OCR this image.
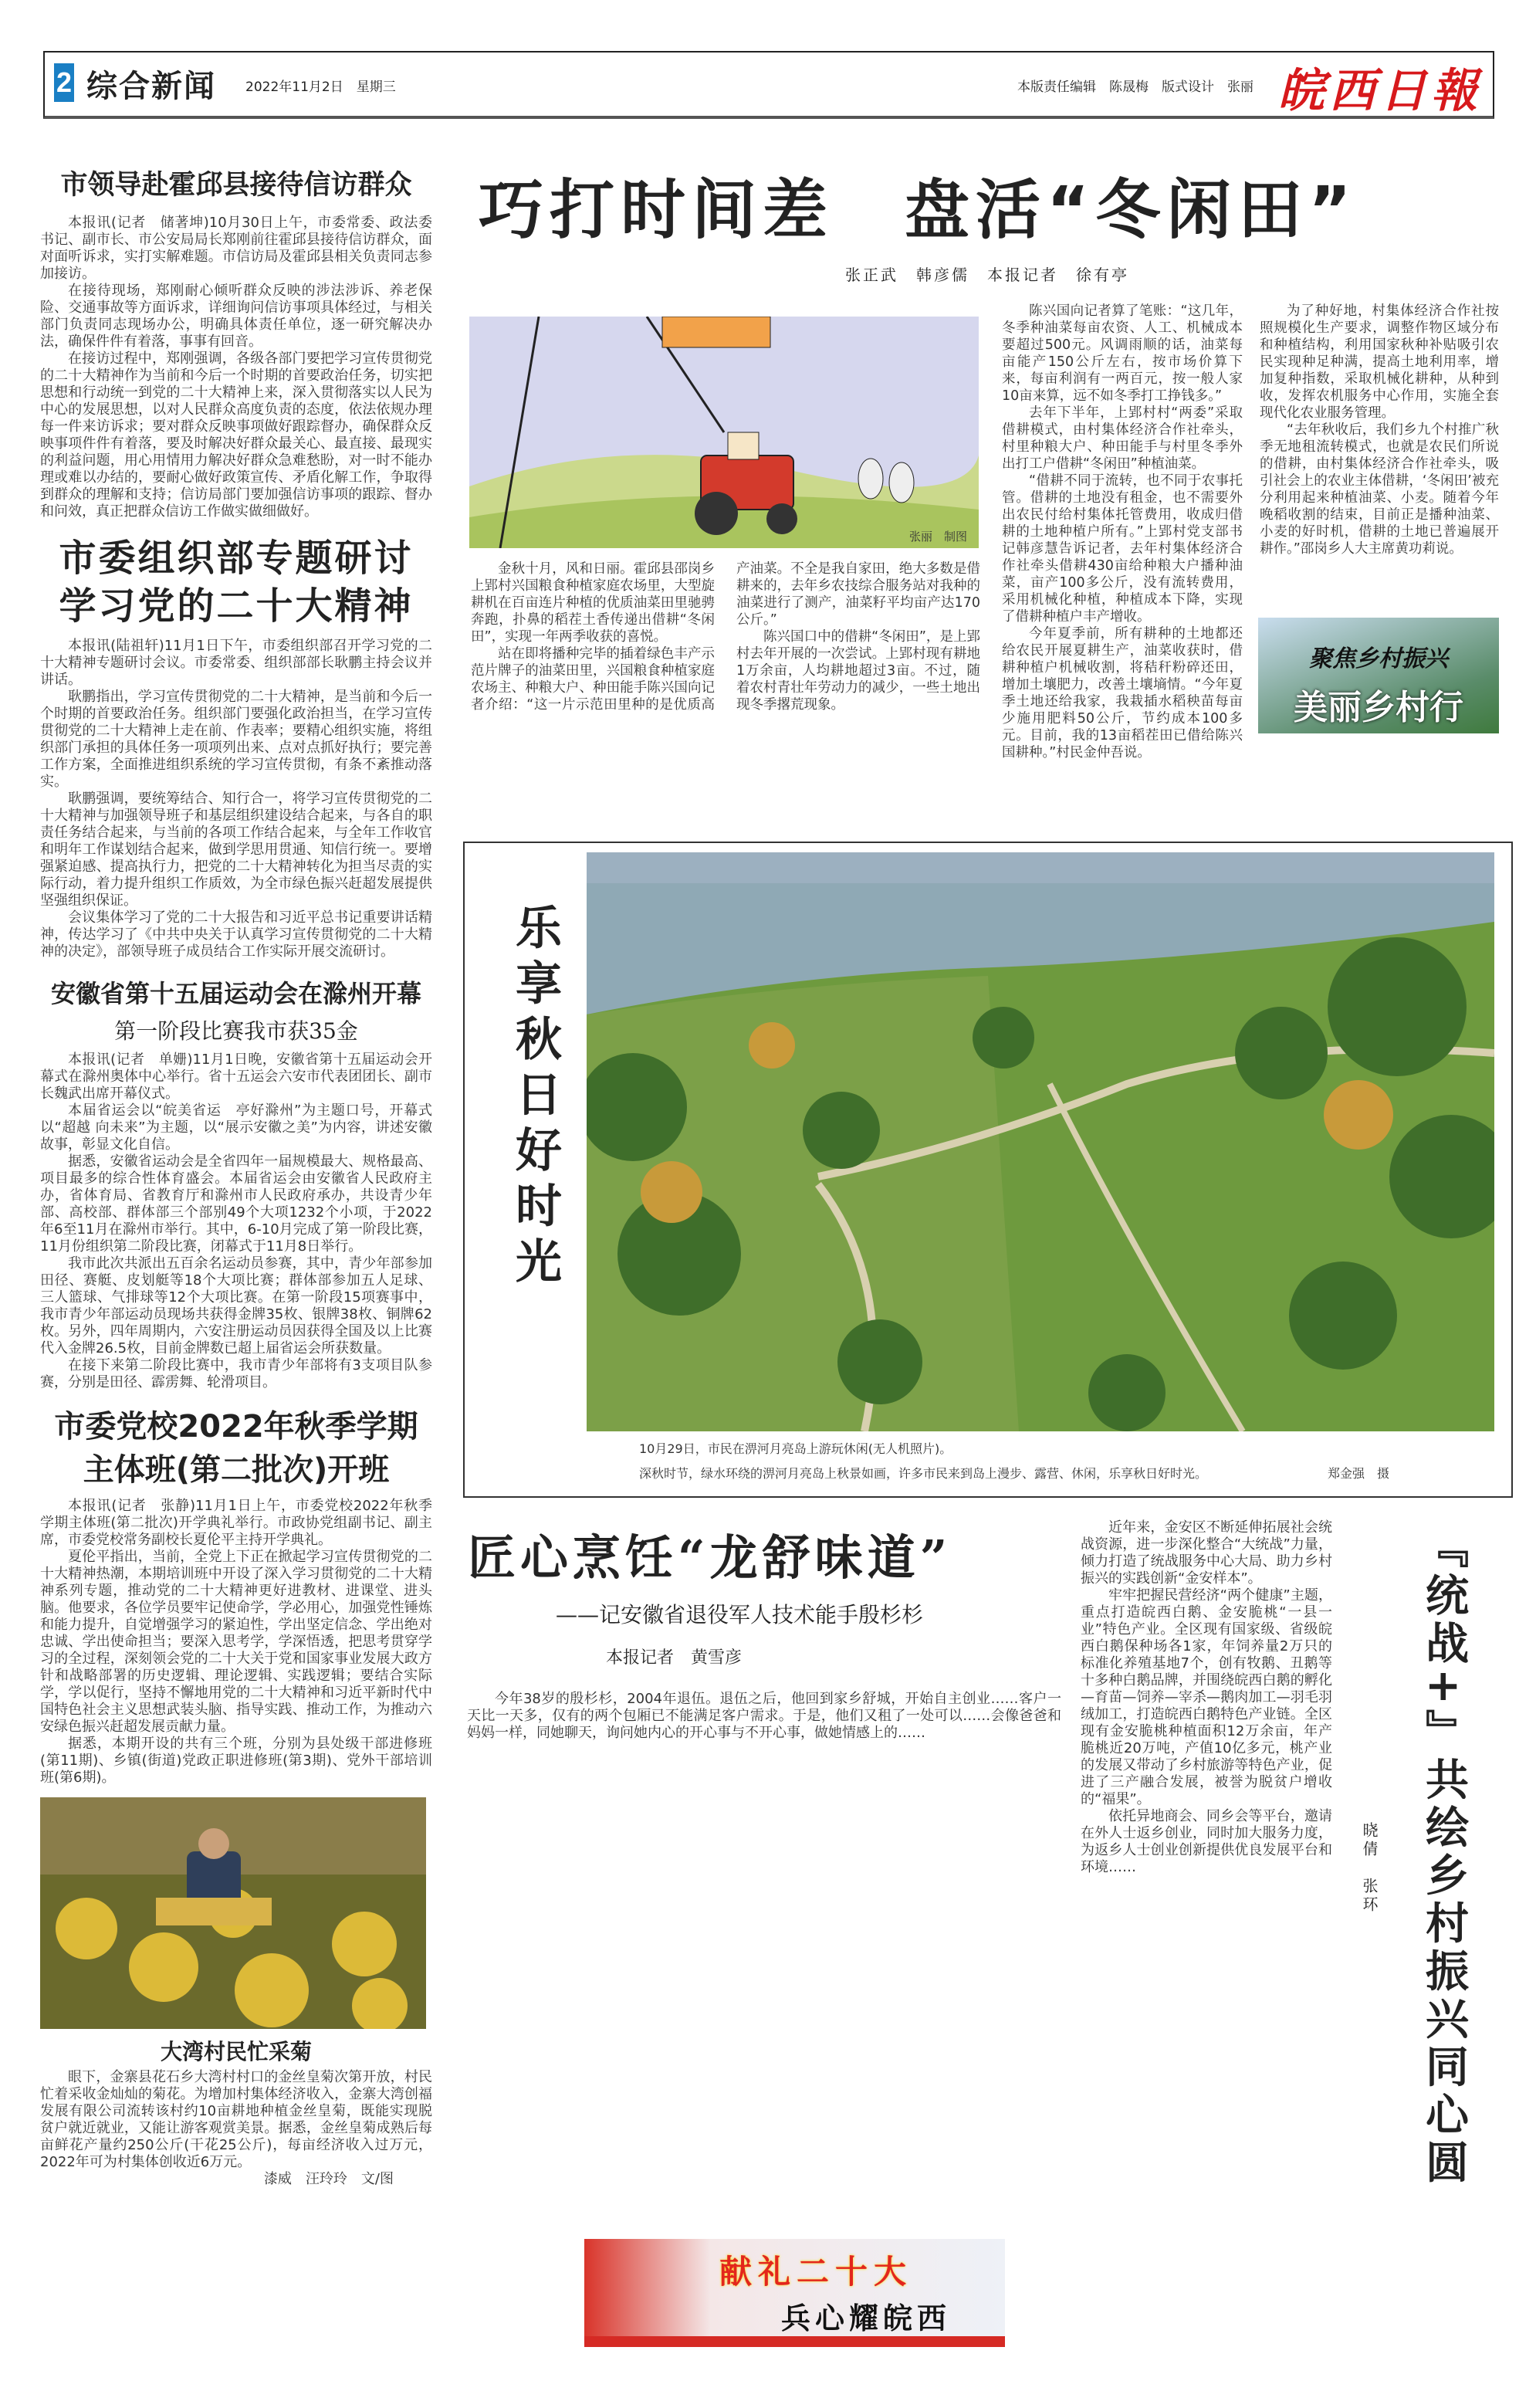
2 综合新闻 2022年11月2日　星期三	本版责任编辑　陈晟梅　版式设计　张丽 皖西日報
市领导赴霍邱县接待信访群众

本报讯(记者　储著坤)10月30日上午，市委常委、政法委书记、副市长、市公安局局长郑刚前往霍邱县接待信访群众，面对面听诉求，实打实解难题。市信访局及霍邱县相关负责同志参加接访。

在接待现场，郑刚耐心倾听群众反映的涉法涉诉、养老保险、交通事故等方面诉求，详细询问信访事项具体经过，与相关部门负责同志现场办公，明确具体责任单位，逐一研究解决办法，确保件件有着落，事事有回音。

在接访过程中，郑刚强调，各级各部门要把学习宣传贯彻党的二十大精神作为当前和今后一个时期的首要政治任务，切实把思想和行动统一到党的二十大精神上来，深入贯彻落实以人民为中心的发展思想，以对人民群众高度负责的态度，依法依规办理每一件来访诉求；要对群众反映事项做好跟踪督办，确保群众反映事项件件有着落，要及时解决好群众最关心、最直接、最现实的利益问题，用心用情用力解决好群众急难愁盼，对一时不能办理或难以办结的，要耐心做好政策宣传、矛盾化解工作，争取得到群众的理解和支持；信访局部门要加强信访事项的跟踪、督办和问效，真正把群众信访工作做实做细做好。

市委组织部专题研讨
学习党的二十大精神

本报讯(陆祖轩)11月1日下午，市委组织部召开学习党的二十大精神专题研讨会议。市委常委、组织部部长耿鹏主持会议并讲话。

耿鹏指出，学习宣传贯彻党的二十大精神，是当前和今后一个时期的首要政治任务。组织部门要强化政治担当，在学习宣传贯彻党的二十大精神上走在前、作表率；要精心组织实施，将组织部门承担的具体任务一项项列出来、点对点抓好执行；要完善工作方案，全面推进组织系统的学习宣传贯彻，有条不紊推动落实。

耿鹏强调，要统筹结合、知行合一，将学习宣传贯彻党的二十大精神与加强领导班子和基层组织建设结合起来，与各自的职责任务结合起来，与当前的各项工作结合起来，与全年工作收官和明年工作谋划结合起来，做到学思用贯通、知信行统一。要增强紧迫感、提高执行力，把党的二十大精神转化为担当尽责的实际行动，着力提升组织工作质效，为全市绿色振兴赶超发展提供坚强组织保证。

会议集体学习了党的二十大报告和习近平总书记重要讲话精神，传达学习了《中共中央关于认真学习宣传贯彻党的二十大精神的决定》，部领导班子成员结合工作实际开展交流研讨。

安徽省第十五届运动会在滁州开幕
第一阶段比赛我市获35金

本报讯(记者　单姗)11月1日晚，安徽省第十五届运动会开幕式在滁州奥体中心举行。省十五运会六安市代表团团长、副市长魏武出席开幕仪式。

本届省运会以“皖美省运　亭好滁州”为主题口号，开幕式以“超越 向未来”为主题，以“展示安徽之美”为内容，讲述安徽故事，彰显文化自信。

据悉，安徽省运动会是全省四年一届规模最大、规格最高、项目最多的综合性体育盛会。本届省运会由安徽省人民政府主办，省体育局、省教育厅和滁州市人民政府承办，共设青少年部、高校部、群体部三个部别49个大项1232个小项，于2022年6至11月在滁州市举行。其中，6-10月完成了第一阶段比赛，11月份组织第二阶段比赛，闭幕式于11月8日举行。

我市此次共派出五百余名运动员参赛，其中，青少年部参加田径、赛艇、皮划艇等18个大项比赛；群体部参加五人足球、三人篮球、气排球等12个大项比赛。在第一阶段15项赛事中，我市青少年部运动员现场共获得金牌35枚、银牌38枚、铜牌62枚。另外，四年周期内，六安注册运动员因获得全国及以上比赛代入金牌26.5枚，目前金牌数已超上届省运会所获数量。

在接下来第二阶段比赛中，我市青少年部将有3支项目队参赛，分别是田径、霹雳舞、轮滑项目。

市委党校2022年秋季学期
主体班(第二批次)开班

本报讯(记者　张静)11月1日上午，市委党校2022年秋季学期主体班(第二批次)开学典礼举行。市政协党组副书记、副主席，市委党校常务副校长夏伦平主持开学典礼。

夏伦平指出，当前，全党上下正在掀起学习宣传贯彻党的二十大精神热潮，本期培训班中开设了深入学习贯彻党的二十大精神系列专题，推动党的二十大精神更好进教材、进课堂、进头脑。他要求，各位学员要牢记使命学，学必用心，加强党性锤炼和能力提升，自觉增强学习的紧迫性，学出坚定信念、学出绝对忠诚、学出使命担当；要深入思考学，学深悟透，把思考贯穿学习的全过程，深刻领会党的二十大关于党和国家事业发展大政方针和战略部署的历史逻辑、理论逻辑、实践逻辑；要结合实际学，学以促行，坚持不懈地用党的二十大精神和习近平新时代中国特色社会主义思想武装头脑、指导实践、推动工作，为推动六安绿色振兴赶超发展贡献力量。

据悉，本期开设的共有三个班，分别为县处级干部进修班(第11期)、乡镇(街道)党政正职进修班(第3期)、党外干部培训班(第6期)。

大湾村民忙采菊

眼下，金寨县花石乡大湾村村口的金丝皇菊次第开放，村民忙着采收金灿灿的菊花。为增加村集体经济收入，金寨大湾创福发展有限公司流转该村约10亩耕地种植金丝皇菊，既能实现脱贫户就近就业，又能让游客观赏美景。据悉，金丝皇菊成熟后每亩鲜花产量约250公斤(干花25公斤)，每亩经济收入过万元，2022年可为村集体创收近6万元。

漆威　汪玲玲　文/图
巧打时间差　盘活“冬闲田”
张正武　韩彦儒　本报记者　徐有亭
张丽　制图

金秋十月，风和日丽。霍邱县邵岗乡上郢村兴国粮食种植家庭农场里，大型旋耕机在百亩连片种植的优质油菜田里驰骋奔跑，扑鼻的稻茬土香传递出借耕“冬闲田”，实现一年两季收获的喜悦。

站在即将播种完毕的插着绿色丰产示范片牌子的油菜田里，兴国粮食种植家庭农场主、种粮大户、种田能手陈兴国向记者介绍：“这一片示范田里种的是优质高产油菜。不全是我自家田，绝大多数是借耕来的，去年乡农技综合服务站对我种的油菜进行了测产，油菜籽平均亩产达170公斤。”

陈兴国口中的借耕“冬闲田”，是上郢村去年开展的一次尝试。上郢村现有耕地1万余亩，人均耕地超过3亩。不过，随着农村青壮年劳动力的减少，一些土地出现冬季撂荒现象。

陈兴国向记者算了笔账：“这几年，冬季种油菜每亩农资、人工、机械成本要超过500元。风调雨顺的话，油菜每亩能产150公斤左右，按市场价算下来，每亩利润有一两百元，按一般人家10亩来算，远不如冬季打工挣钱多。”

去年下半年，上郢村村“两委”采取借耕模式，由村集体经济合作社牵头，村里种粮大户、种田能手与村里冬季外出打工户借耕“冬闲田”种植油菜。

“借耕不同于流转，也不同于农事托管。借耕的土地没有租金，也不需要外出农民付给村集体托管费用，收成归借耕的土地种植户所有。”上郢村党支部书记韩彦慧告诉记者，去年村集体经济合作社牵头借耕430亩给种粮大户播种油菜，亩产100多公斤，没有流转费用，采用机械化种植，种植成本下降，实现了借耕种植户丰产增收。

今年夏季前，所有耕种的土地都还给农民开展夏耕生产，油菜收获时，借耕种植户机械收割，将秸秆粉碎还田，增加土壤肥力，改善土壤墒情。“今年夏季土地还给我家，我栽插水稻秧苗每亩少施用肥料50公斤，节约成本100多元。目前，我的13亩稻茬田已借给陈兴国耕种。”村民金仲吾说。

为了种好地，村集体经济合作社按照规模化生产要求，调整作物区域分布和种植结构，利用国家秋种补贴吸引农民实现种足种满，提高土地利用率，增加复种指数，采取机械化耕种，从种到收，发挥农机服务中心作用，实施全套现代化农业服务管理。

“去年秋收后，我们乡九个村推广秋季无地租流转模式，也就是农民们所说的借耕，由村集体经济合作社牵头，吸引社会上的农业主体借耕，‘冬闲田’被充分利用起来种植油菜、小麦。随着今年晚稻收割的结束，目前正是播种油菜、小麦的好时机，借耕的土地已普遍展开耕作。”邵岗乡人大主席黄功莉说。

聚焦乡村振兴
美丽乡村行
乐享秋日好时光
10月29日，市民在淠河月亮岛上游玩休闲(无人机照片)。
深秋时节，绿水环绕的淠河月亮岛上秋景如画，许多市民来到岛上漫步、露营、休闲，乐享秋日好时光。	郑金强　摄
匠心烹饪“龙舒味道”
——记安徽省退役军人技术能手殷杉杉
本报记者　黄雪彦

今年38岁的殷杉杉，2004年退伍。退伍之后，他回到家乡舒城，开始自主创业……客户一天比一天多，仅有的两个包厢已不能满足客户需求。于是，他们又租了一处可以……会像爸爸和妈妈一样，同她聊天，询问她内心的开心事与不开心事，做她情感上的……

献礼二十大
兵心耀皖西

近年来，金安区不断延伸拓展社会统战资源，进一步深化整合“大统战”力量，倾力打造了统战服务中心大局、助力乡村振兴的实践创新“金安样本”。

牢牢把握民营经济“两个健康”主题，重点打造皖西白鹅、金安脆桃“一县一业”特色产业。全区现有国家级、省级皖西白鹅保种场各1家，年饲养量2万只的标准化养殖基地7个，创有牧鹅、丑鹅等十多种白鹅品牌，并围绕皖西白鹅的孵化—育苗—饲养—宰杀—鹅肉加工—羽毛羽绒加工，打造皖西白鹅特色产业链。全区现有金安脆桃种植面积12万余亩，年产脆桃近20万吨，产值10亿多元，桃产业的发展又带动了乡村旅游等特色产业，促进了三产融合发展，被誉为脱贫户增收的“福果”。

依托异地商会、同乡会等平台，邀请在外人士返乡创业，同时加大服务力度，为返乡人士创业创新提供优良发展平台和环境……	『统战+』共绘乡村振兴同心圆
晓倩　张环
